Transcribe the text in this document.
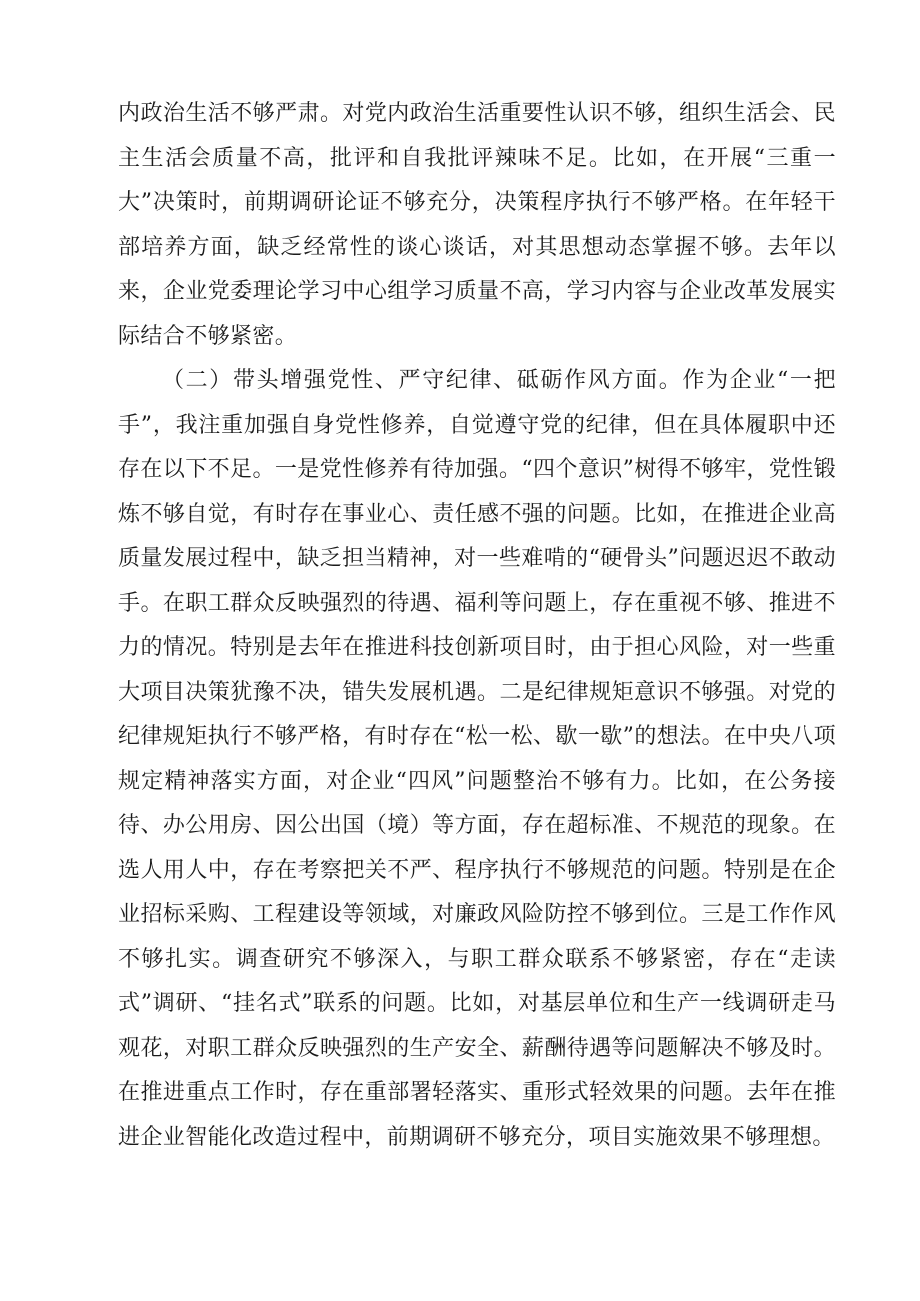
内政治生活不够严肃。对党内政治生活重要性认识不够，组织生活会、民主生活会质量不高，批评和自我批评辣味不足。比如，在开展“三重一大”决策时，前期调研论证不够充分，决策程序执行不够严格。在年轻干部培养方面，缺乏经常性的谈心谈话，对其思想动态掌握不够。去年以来，企业党委理论学习中心组学习质量不高，学习内容与企业改革发展实际结合不够紧密。

（二）带头增强党性、严守纪律、砥砺作风方面。作为企业“一把手”，我注重加强自身党性修养，自觉遵守党的纪律，但在具体履职中还存在以下不足。一是党性修养有待加强。“四个意识”树得不够牢，党性锻炼不够自觉，有时存在事业心、责任感不强的问题。比如，在推进企业高质量发展过程中，缺乏担当精神，对一些难啃的“硬骨头”问题迟迟不敢动手。在职工群众反映强烈的待遇、福利等问题上，存在重视不够、推进不力的情况。特别是去年在推进科技创新项目时，由于担心风险，对一些重大项目决策犹豫不决，错失发展机遇。二是纪律规矩意识不够强。对党的纪律规矩执行不够严格，有时存在“松一松、歇一歇”的想法。在中央八项规定精神落实方面，对企业“四风”问题整治不够有力。比如，在公务接待、办公用房、因公出国（境）等方面，存在超标准、不规范的现象。在选人用人中，存在考察把关不严、程序执行不够规范的问题。特别是在企业招标采购、工程建设等领域，对廉政风险防控不够到位。三是工作作风不够扎实。调查研究不够深入，与职工群众联系不够紧密，存在“走读式”调研、“挂名式”联系的问题。比如，对基层单位和生产一线调研走马观花，对职工群众反映强烈的生产安全、薪酬待遇等问题解决不够及时。在推进重点工作时，存在重部署轻落实、重形式轻效果的问题。去年在推进企业智能化改造过程中，前期调研不够充分，项目实施效果不够理想。
